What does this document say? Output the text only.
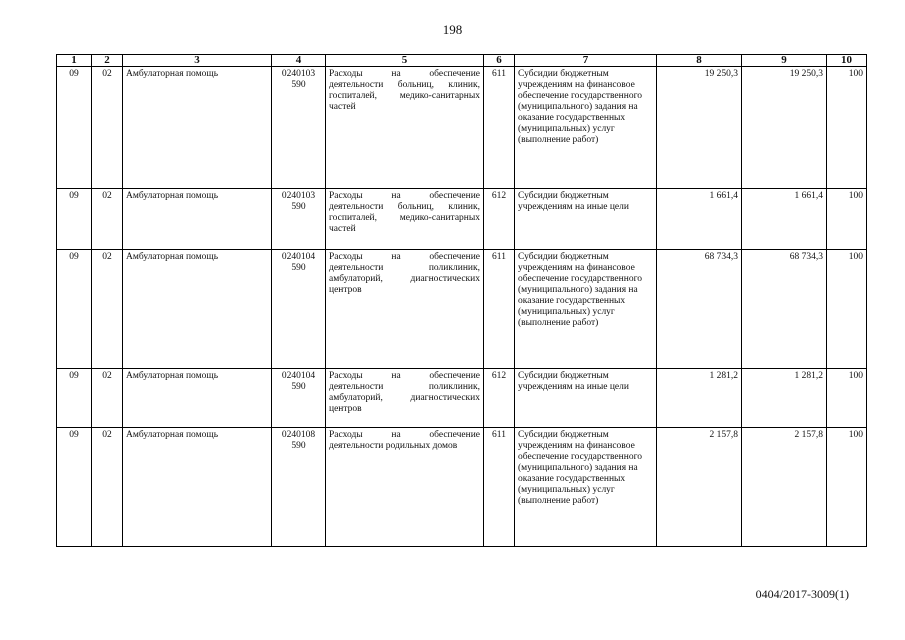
198
1	2	3	4	5	6	7	8	9	10
09	02	Амбулаторная помощь	0240103 590	Расходы на обеспечение деятельности больниц, клиник, госпиталей, медико-санитарных частей	611	Субсидии бюджетным учреждениям на финансовое обеспечение государственного (муниципального) задания на оказание государственных (муниципальных) услуг (выполнение работ)	19 250,3	19 250,3	100
09	02	Амбулаторная помощь	0240103 590	Расходы на обеспечение деятельности больниц, клиник, госпиталей, медико-санитарных частей	612	Субсидии бюджетным учреждениям на иные цели	1 661,4	1 661,4	100
09	02	Амбулаторная помощь	0240104 590	Расходы на обеспечение деятельности поликлиник, амбулаторий, диагностических центров	611	Субсидии бюджетным учреждениям на финансовое обеспечение государственного (муниципального) задания на оказание государственных (муниципальных) услуг (выполнение работ)	68 734,3	68 734,3	100
09	02	Амбулаторная помощь	0240104 590	Расходы на обеспечение деятельности поликлиник, амбулаторий, диагностических центров	612	Субсидии бюджетным учреждениям на иные цели	1 281,2	1 281,2	100
09	02	Амбулаторная помощь	0240108 590	Расходы на обеспечение деятельности родильных домов	611	Субсидии бюджетным учреждениям на финансовое обеспечение государственного (муниципального) задания на оказание государственных (муниципальных) услуг (выполнение работ)	2 157,8	2 157,8	100
0404/2017-3009(1)
